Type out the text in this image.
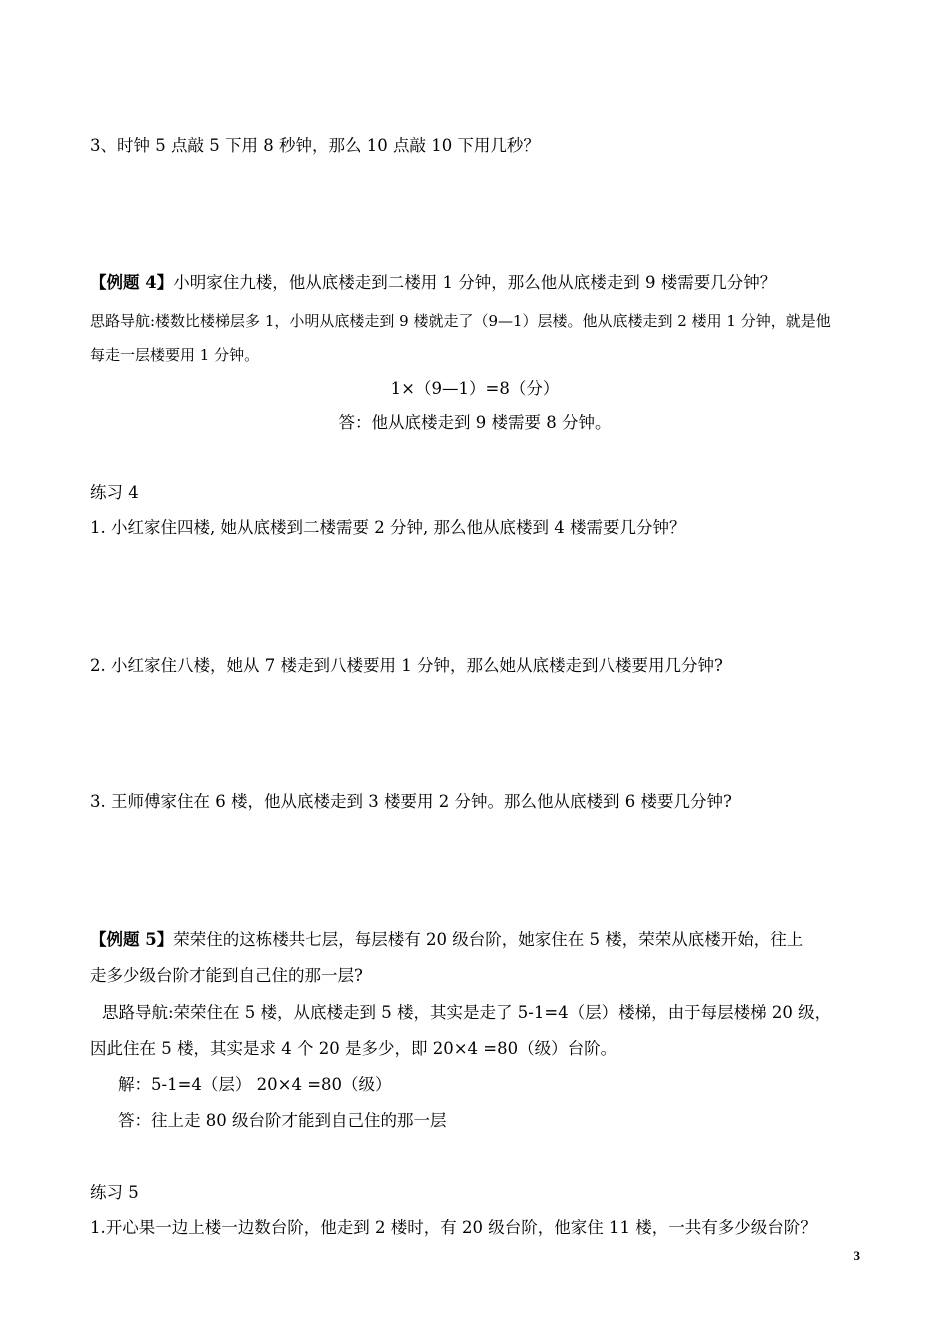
3、时钟 5 点敲 5 下用 8 秒钟，那么 10 点敲 10 下用几秒？
【例题 4】小明家住九楼，他从底楼走到二楼用 1 分钟，那么他从底楼走到 9 楼需要几分钟？
思路导航:楼数比楼梯层多 1，小明从底楼走到 9 楼就走了（9—1）层楼。他从底楼走到 2 楼用 1 分钟，就是他
每走一层楼要用 1 分钟。
1×（9—1）=8（分）
答：他从底楼走到 9 楼需要 8 分钟。
练习 4
1. 小红家住四楼, 她从底楼到二楼需要 2 分钟, 那么他从底楼到 4 楼需要几分钟？
2. 小红家住八楼，她从 7 楼走到八楼要用 1 分钟，那么她从底楼走到八楼要用几分钟?
3. 王师傅家住在 6 楼，他从底楼走到 3 楼要用 2 分钟。那么他从底楼到 6 楼要几分钟?
【例题 5】荣荣住的这栋楼共七层，每层楼有 20 级台阶，她家住在 5 楼，荣荣从底楼开始，往上
走多少级台阶才能到自己住的那一层?
思路导航:荣荣住在 5 楼，从底楼走到 5 楼，其实是走了 5-1=4（层）楼梯，由于每层楼梯 20 级，
因此住在 5 楼，其实是求 4 个 20 是多少，即 20×4 =80（级）台阶。
解：5-1=4（层） 20×4 =80（级）
答：往上走 80 级台阶才能到自己住的那一层
练习 5
1.开心果一边上楼一边数台阶，他走到 2 楼时，有 20 级台阶，他家住 11 楼，一共有多少级台阶？
3
